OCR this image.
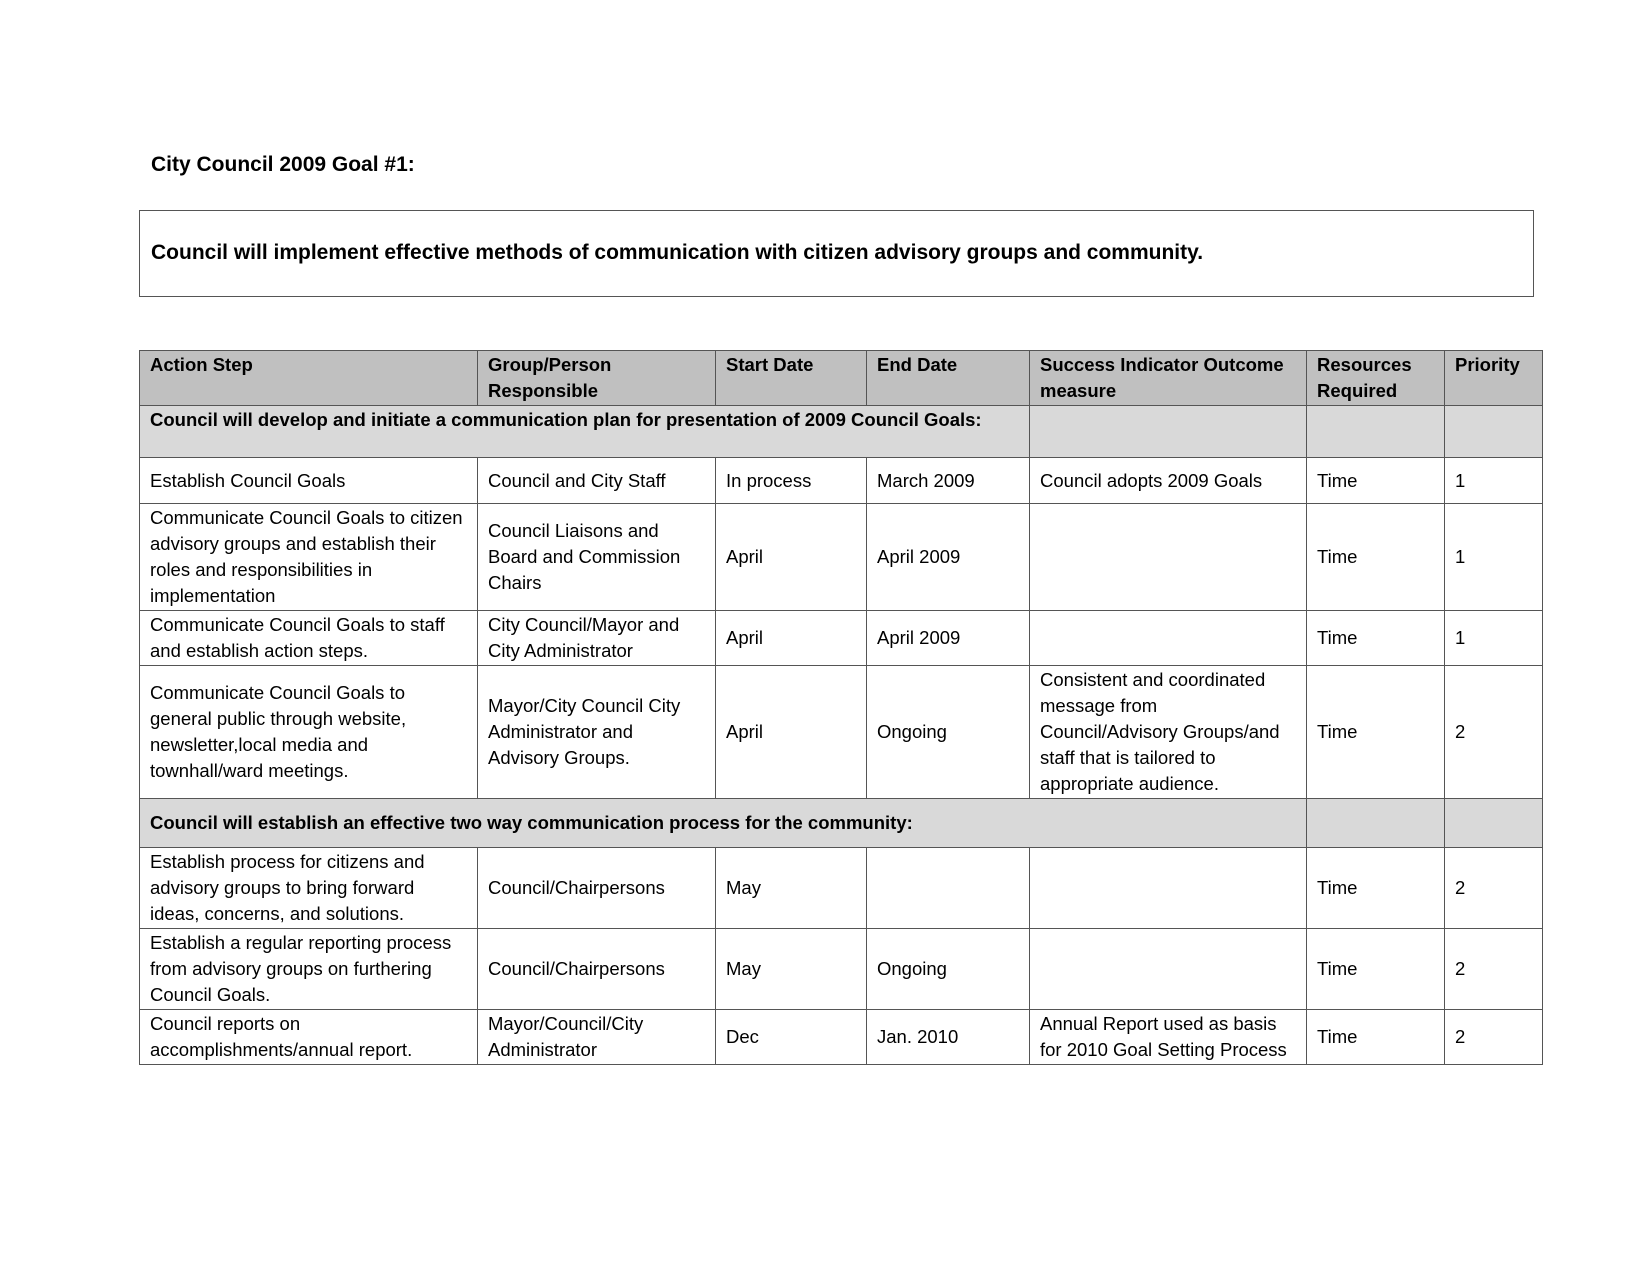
City Council 2009 Goal #1:
Council will implement effective methods of communication with citizen advisory groups and community.
Action Step	Group/Person Responsible	Start Date	End Date	Success Indicator Outcome measure	Resources Required	Priority
Council will develop and initiate a communication plan for presentation of 2009 Council Goals:						
Establish Council Goals	Council and City Staff	In process	March 2009	Council adopts 2009 Goals	Time	1
Communicate Council Goals to citizen advisory groups and establish their roles and responsibilities in implementation	Council Liaisons and Board and Commission Chairs	April	April 2009		Time	1
Communicate Council Goals to staff and establish action steps.	City Council/Mayor and City Administrator	April	April 2009		Time	1
Communicate Council Goals to general public through website, newsletter,local media and townhall/ward meetings.	Mayor/City Council City Administrator and Advisory Groups.	April	Ongoing	Consistent and coordinated message from Council/Advisory Groups/and staff that is tailored to appropriate audience.	Time	2
Council will establish an effective two way communication process for the community:						
Establish process for citizens and advisory groups to bring forward ideas, concerns, and solutions.	Council/Chairpersons	May			Time	2
Establish a regular reporting process from advisory groups on furthering Council Goals.	Council/Chairpersons	May	Ongoing		Time	2
Council reports on accomplishments/annual report.	Mayor/Council/City Administrator	Dec	Jan. 2010	Annual Report used as basis for 2010 Goal Setting Process	Time	2
